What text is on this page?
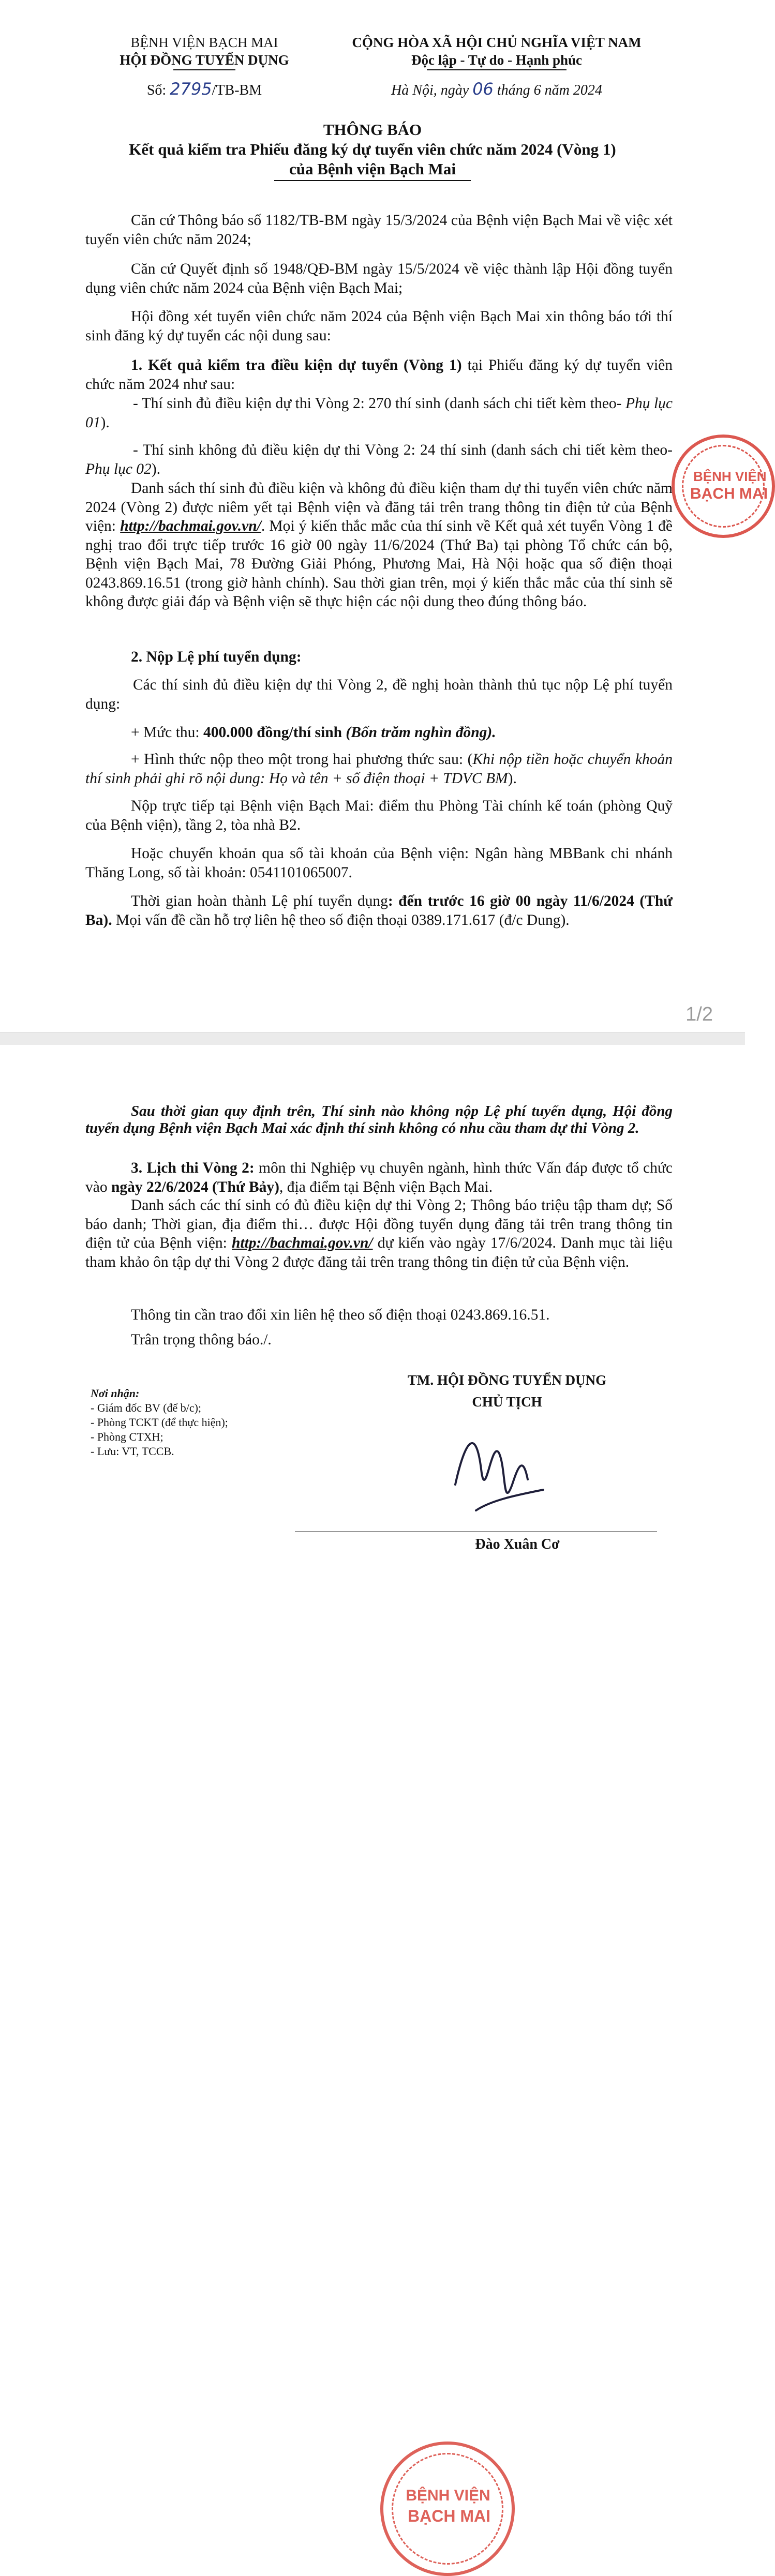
BỆNH VIỆN BẠCH MAI
HỘI ĐỒNG TUYỂN DỤNG
Số: 2795/TB-BM
CỘNG HÒA XÃ HỘI CHỦ NGHĨA VIỆT NAM
Độc lập - Tự do - Hạnh phúc
Hà Nội, ngày 06 tháng 6 năm 2024
THÔNG BÁO
Kết quả kiểm tra Phiếu đăng ký dự tuyển viên chức năm 2024 (Vòng 1)
của Bệnh viện Bạch Mai
Căn cứ Thông báo số 1182/TB-BM ngày 15/3/2024 của Bệnh viện Bạch Mai về việc xét tuyển viên chức năm 2024;
Căn cứ Quyết định số 1948/QĐ-BM ngày 15/5/2024 về việc thành lập Hội đồng tuyển dụng viên chức năm 2024 của Bệnh viện Bạch Mai;
Hội đồng xét tuyển viên chức năm 2024 của Bệnh viện Bạch Mai xin thông báo tới thí sinh đăng ký dự tuyển các nội dung sau:
1. Kết quả kiểm tra điều kiện dự tuyển (Vòng 1) tại Phiếu đăng ký dự tuyển viên chức năm 2024 như sau:
- Thí sinh đủ điều kiện dự thi Vòng 2: 270 thí sinh (danh sách chi tiết kèm theo- Phụ lục 01).
- Thí sinh không đủ điều kiện dự thi Vòng 2: 24 thí sinh (danh sách chi tiết kèm theo- Phụ lục 02).
Danh sách thí sinh đủ điều kiện và không đủ điều kiện tham dự thi tuyển viên chức năm 2024 (Vòng 2) được niêm yết tại Bệnh viện và đăng tải trên trang thông tin điện tử của Bệnh viện: http://bachmai.gov.vn/. Mọi ý kiến thắc mắc của thí sinh về Kết quả xét tuyển Vòng 1 đề nghị trao đổi trực tiếp trước 16 giờ 00 ngày 11/6/2024 (Thứ Ba) tại phòng Tổ chức cán bộ, Bệnh viện Bạch Mai, 78 Đường Giải Phóng, Phương Mai, Hà Nội hoặc qua số điện thoại 0243.869.16.51 (trong giờ hành chính). Sau thời gian trên, mọi ý kiến thắc mắc của thí sinh sẽ không được giải đáp và Bệnh viện sẽ thực hiện các nội dung theo đúng thông báo.
2. Nộp Lệ phí tuyển dụng:
Các thí sinh đủ điều kiện dự thi Vòng 2, đề nghị hoàn thành thủ tục nộp Lệ phí tuyển dụng:
+ Mức thu: 400.000 đồng/thí sinh (Bốn trăm nghìn đồng).
+ Hình thức nộp theo một trong hai phương thức sau: (Khi nộp tiền hoặc chuyển khoản thí sinh phải ghi rõ nội dung: Họ và tên + số điện thoại + TDVC BM).
Nộp trực tiếp tại Bệnh viện Bạch Mai: điểm thu Phòng Tài chính kế toán (phòng Quỹ của Bệnh viện), tầng 2, tòa nhà B2.
Hoặc chuyển khoản qua số tài khoản của Bệnh viện: Ngân hàng MBBank chi nhánh Thăng Long, số tài khoản: 0541101065007.
Thời gian hoàn thành Lệ phí tuyển dụng: đến trước 16 giờ 00 ngày 11/6/2024 (Thứ Ba). Mọi vấn đề cần hỗ trợ liên hệ theo số điện thoại 0389.171.617 (đ/c Dung).
BỆNH VIỆN
BẠCH MAI
1/2
Sau thời gian quy định trên, Thí sinh nào không nộp Lệ phí tuyển dụng, Hội đồng tuyển dụng Bệnh viện Bạch Mai xác định thí sinh không có nhu cầu tham dự thi Vòng 2.
3. Lịch thi Vòng 2: môn thi Nghiệp vụ chuyên ngành, hình thức Vấn đáp được tổ chức vào ngày 22/6/2024 (Thứ Bảy), địa điểm tại Bệnh viện Bạch Mai.
Danh sách các thí sinh có đủ điều kiện dự thi Vòng 2; Thông báo triệu tập tham dự; Số báo danh; Thời gian, địa điểm thi… được Hội đồng tuyển dụng đăng tải trên trang thông tin điện tử của Bệnh viện: http://bachmai.gov.vn/ dự kiến vào ngày 17/6/2024. Danh mục tài liệu tham khảo ôn tập dự thi Vòng 2 được đăng tải trên trang thông tin điện tử của Bệnh viện.
Thông tin cần trao đổi xin liên hệ theo số điện thoại 0243.869.16.51.
Trân trọng thông báo./.
Nơi nhận:
- Giám đốc BV (để b/c);
- Phòng TCKT (để thực hiện);
- Phòng CTXH;
- Lưu: VT, TCCB.
TM. HỘI ĐỒNG TUYỂN DỤNG
CHỦ TỊCH
BỆNH VIỆN
BẠCH MAI
Đào Xuân Cơ
